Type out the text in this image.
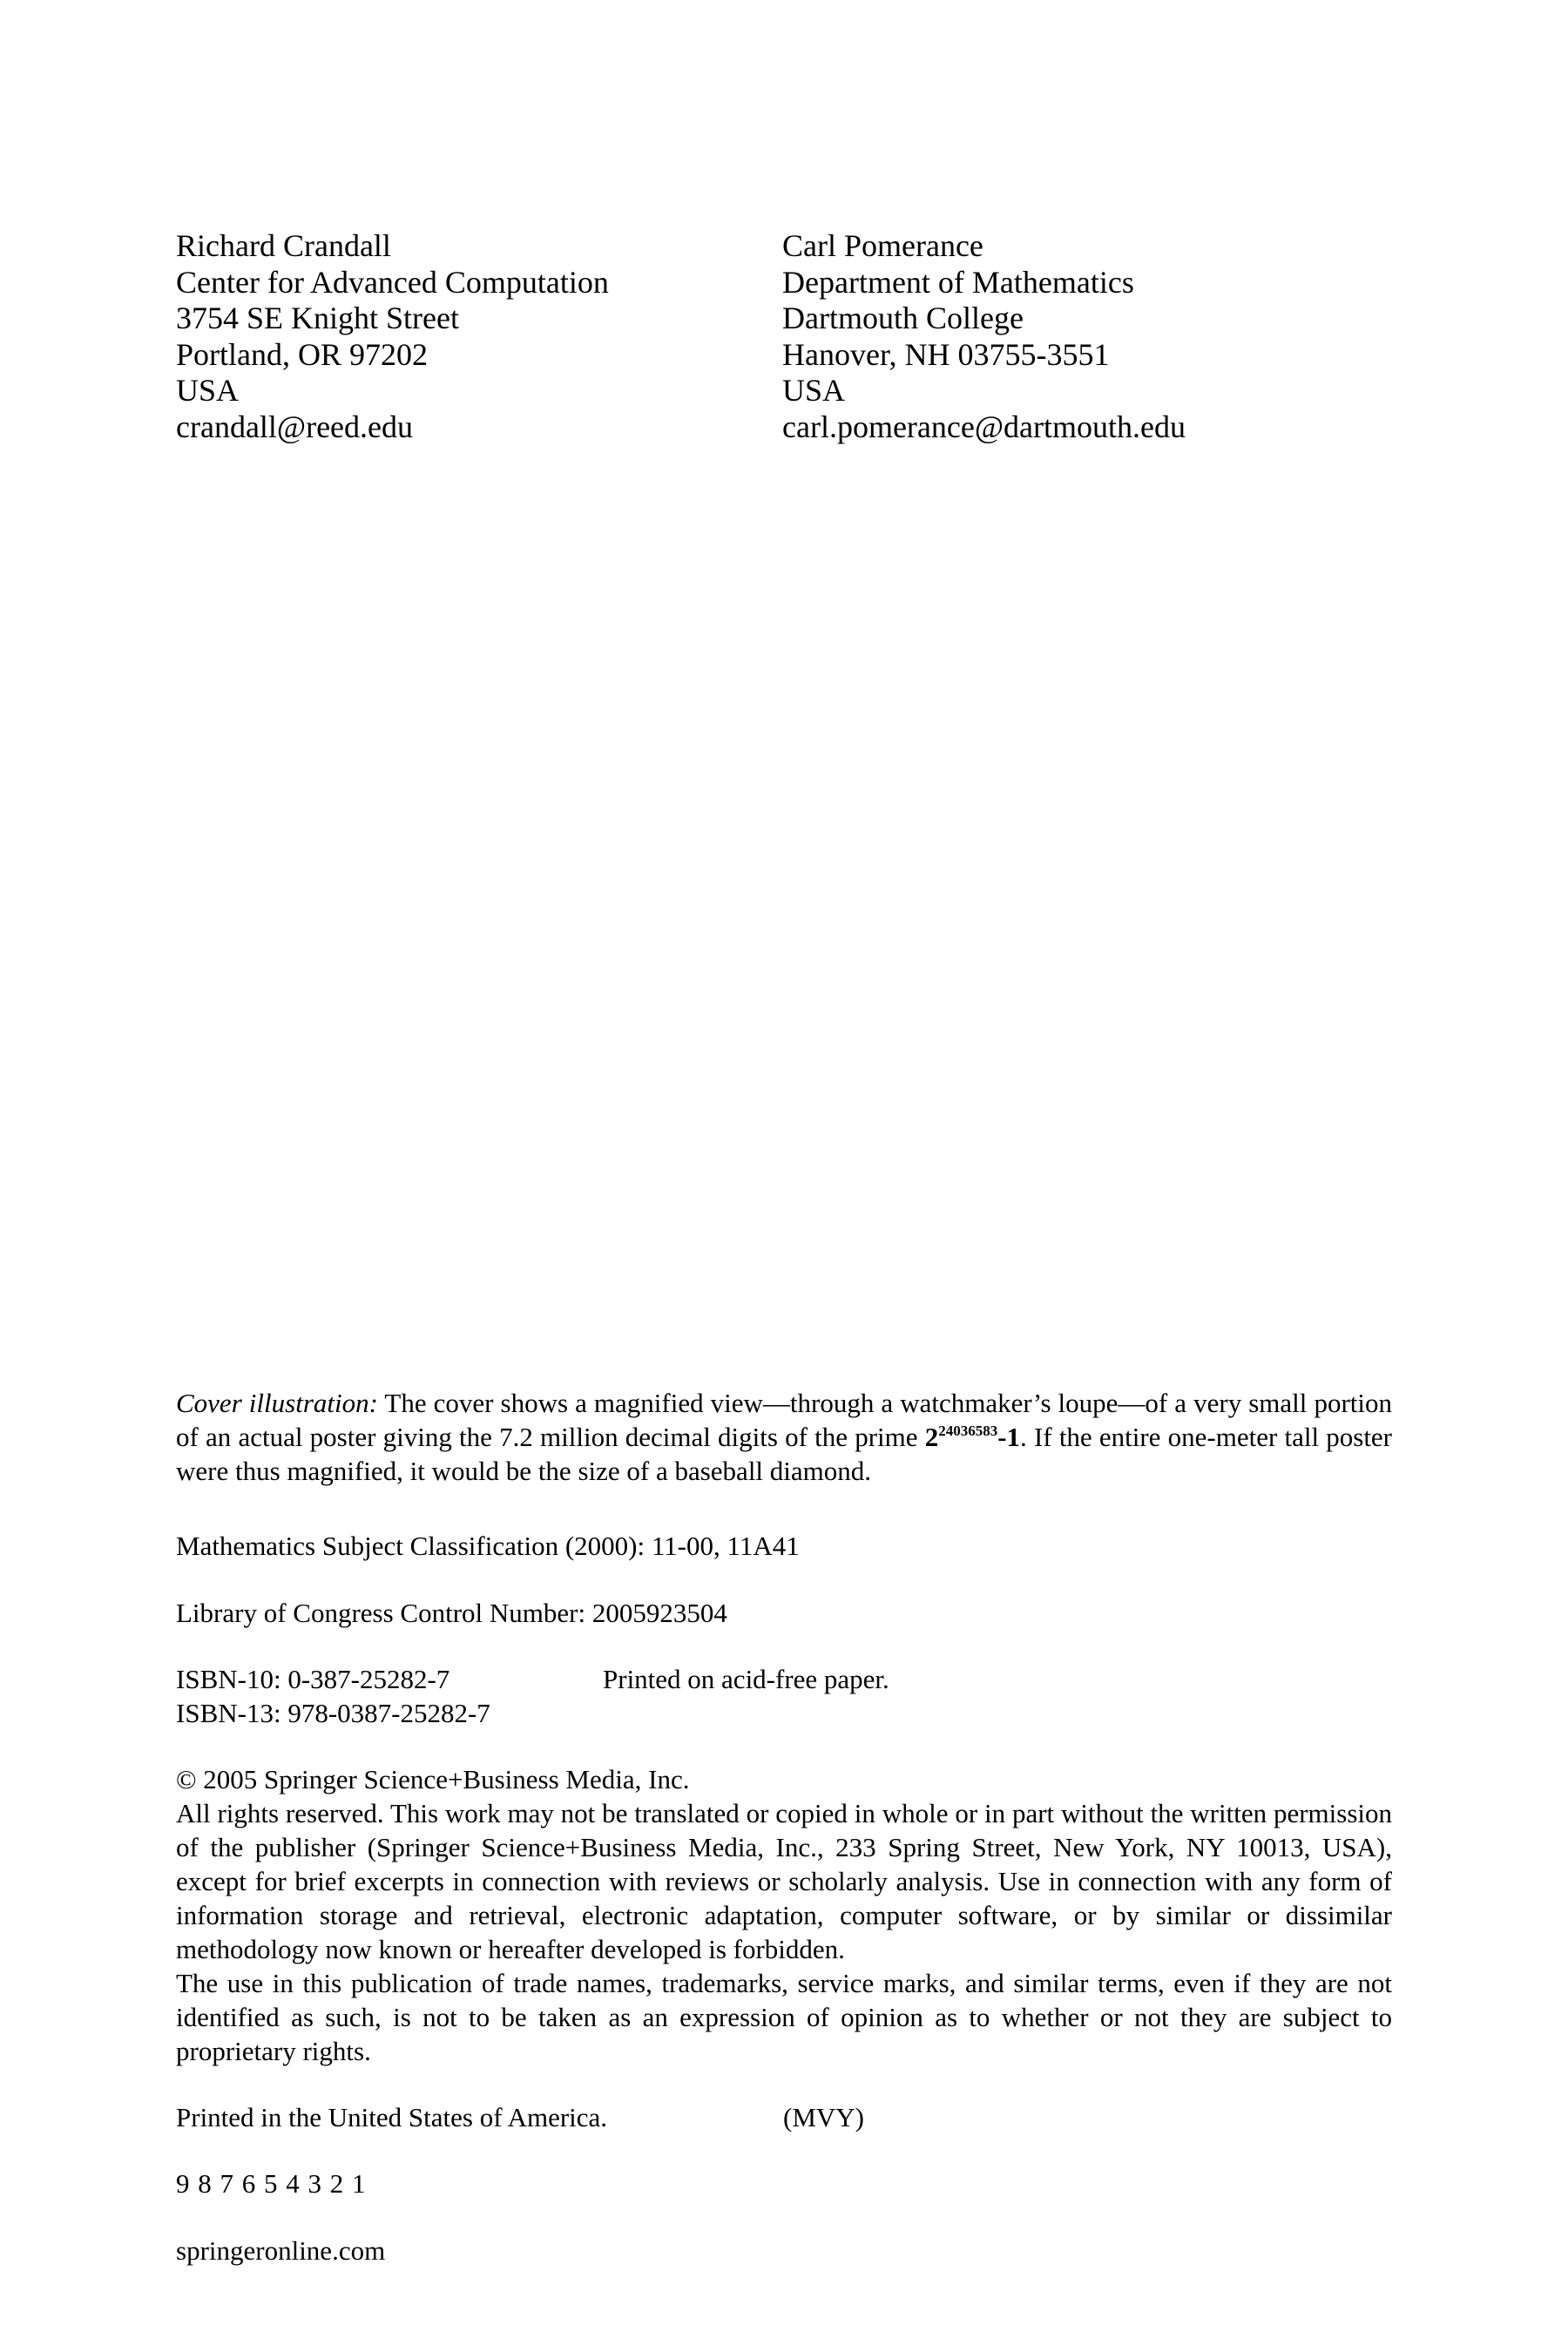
Richard Crandall
Center for Advanced Computation
3754 SE Knight Street
Portland, OR 97202
USA
crandall@reed.edu
Carl Pomerance
Department of Mathematics
Dartmouth College
Hanover, NH 03755-3551
USA
carl.pomerance@dartmouth.edu
Cover illustration: The cover shows a magnified view—through a watchmaker’s loupe—of a very small portion of an actual poster giving the 7.2 million decimal digits of the prime $2^{24036583}-1$. If the entire one-meter tall poster were thus magnified, it would be the size of a baseball diamond.
Mathematics Subject Classification (2000): 11-00, 11A41
Library of Congress Control Number: 2005923504
ISBN-10: 0-387-25282-7
ISBN-13: 978-0387-25282-7
Printed on acid-free paper.
© 2005 Springer Science+Business Media, Inc.
All rights reserved. This work may not be translated or copied in whole or in part without the written permission of the publisher (Springer Science+Business Media, Inc., 233 Spring Street, New York, NY 10013, USA), except for brief excerpts in connection with reviews or scholarly analysis. Use in connection with any form of information storage and retrieval, electronic adaptation, computer software, or by similar or dissimilar methodology now known or hereafter developed is forbidden.
The use in this publication of trade names, trademarks, service marks, and similar terms, even if they are not identified as such, is not to be taken as an expression of opinion as to whether or not they are subject to proprietary rights.
Printed in the United States of America.	(MVY)
9 8 7 6 5 4 3 2 1
springeronline.com
